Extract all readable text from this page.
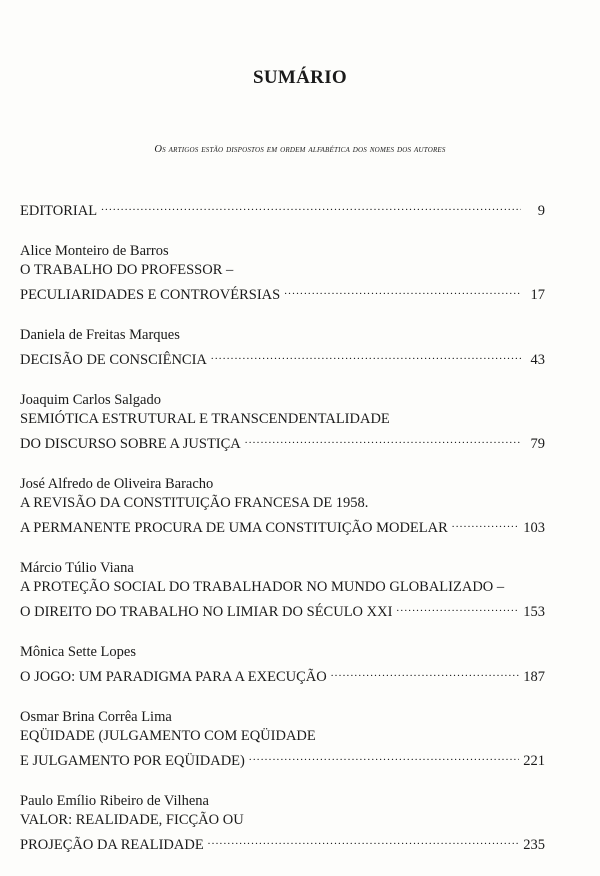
SUMÁRIO
Os artigos estão dispostos em ordem alfabética dos nomes dos autores
EDITORIAL .....	9
Alice Monteiro de Barros
O TRABALHO DO PROFESSOR –
PECULIARIDADES E CONTROVÉRSIAS .....	17
Daniela de Freitas Marques
DECISÃO DE CONSCIÊNCIA .....	43
Joaquim Carlos Salgado
SEMIÓTICA ESTRUTURAL E TRANSCENDENTALIDADE
DO DISCURSO SOBRE A JUSTIÇA .....	79
José Alfredo de Oliveira Baracho
A REVISÃO DA CONSTITUIÇÃO FRANCESA DE 1958.
A PERMANENTE PROCURA DE UMA CONSTITUIÇÃO MODELAR .....	103
Márcio Túlio Viana
A PROTEÇÃO SOCIAL DO TRABALHADOR NO MUNDO GLOBALIZADO –
O DIREITO DO TRABALHO NO LIMIAR DO SÉCULO XXI .....	153
Mônica Sette Lopes
O JOGO: UM PARADIGMA PARA A EXECUÇÃO .....	187
Osmar Brina Corrêa Lima
EQÜIDADE (JULGAMENTO COM EQÜIDADE
E JULGAMENTO POR EQÜIDADE) .....	221
Paulo Emílio Ribeiro de Vilhena
VALOR: REALIDADE, FICÇÃO OU
PROJEÇÃO DA REALIDADE .....	235
